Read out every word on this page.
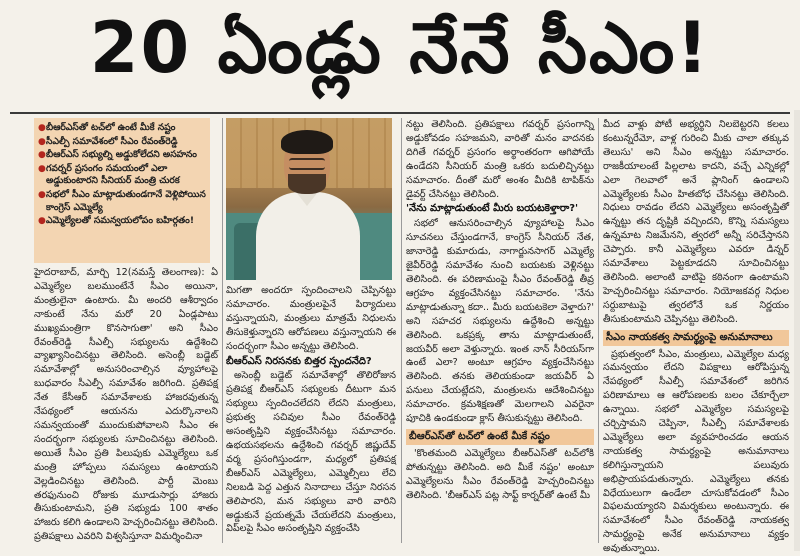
20 ఏండ్లు నేనే సీఎం!
● బీఆర్‌ఎస్‌తో టచ్‌లో ఉంటే మీకే నష్టం
● సీఎల్పీ సమావేశంలో సీఎం రేవంత్‌రెడ్డి
● బీఆర్‌ఎస్ సభ్యుల్ని అడ్డుకోలేదని అసహనం
● గవర్నర్ ప్రసంగం సమయంలో ఎలా అడ్డుకుంటారని సీనియర్ మంత్రి చురక
● సభలో సీఎం మాట్లాడుతుండగానే వెళ్లిపోయిన కాంగ్రెస్ ఎమ్మెల్యే
● ఎమ్మెల్యేలతో సమన్వయలోపం బహిర్గతం!

హైదరాబాద్, మార్చి 12(నమస్తే తెలంగాణ): ఏ ఎమ్మెల్యేల బలముంటేనే సీఎం అయినా, మంత్రులైనా ఉంటారు. మీ అందరి ఆశీర్వాదం నాకుంటే నేను మరో 20 ఏండ్లపాటు ముఖ్యమంత్రిగా కొనసాగుతా' అని సీఎం రేవంత్‌రెడ్డి సీఎల్పీ సభ్యులను ఉద్దేశించి వ్యాఖ్యానించినట్టు తెలిసింది. అసెంబ్లీ బడ్జెట్ సమావేశాల్లో అనుసరించాల్సిన వ్యూహాలపై బుధవారం సీఎల్పీ సమావేశం జరిగింది. ప్రతిపక్ష నేత కేసీఆర్ సమావేశాలకు హాజరవుతున్న నేపథ్యంలో ఆయనను ఎదుర్కొనాలని సమన్వయంతో ముందుకుపోవాలని సీఎం ఈ సందర్భంగా సభ్యులకు సూచించినట్టు తెలిసింది. అయితే సీఎం ప్రతి పిలుపుకు ఎమ్మెల్యేలు ఒక మంత్రి హోప్పలు సమస్యలు ఉంటాయని వెల్లడించినట్టు తెలిసింది. పార్టీ మెంబు తరఫునుంచి రోజుకు మూడుసార్లు హాజరు తీసుకుంటామని, ప్రతి సభ్యుడు 100 శాతం హాజరు కలిగి ఉండాలని హెచ్చరించినట్టు తెలిసింది. ప్రతిపక్షాలు ఎవరిని విశ్వసిస్తూనా విమర్శించినా

మిగతా అందరూ స్పందించాలని చెప్పినట్టు సమాచారం. మంత్రులపైనే పిర్యాదులు వస్తున్నాయని, మంత్రులు మాత్రమే నిధులను తీసుకెళ్తున్నారని ఆరోపణలు వస్తున్నాయని ఈ సందర్భంగా సీఎం అన్నట్టు తెలిసింది.

బీఆర్‌ఎస్ నిరసనకు బిత్తర స్పందనేది?

అసెంబ్లీ బడ్జెట్ సమావేశాల్లో తొలిరోజున ప్రతిపక్ష బీఆర్‌ఎస్ సభ్యులకు దీటుగా మన సభ్యులు స్పందించలేదని లేదని మంత్రులు, ప్రభుత్వ సచివుల సీఎం రేవంత్‌రెడ్డి అసంతృప్తిని వ్యక్తంచేసినట్టు సమాచారం. ఉభయసభలను ఉద్దేశించి గవర్నర్ జిష్ణుదేవ్ వర్మ ప్రసంగిస్తుండగా, మధ్యలో ప్రతిపక్ష బీఆర్‌ఎస్ ఎమ్మెల్యేలు, ఎమ్మెల్సీలు లేచి నిలబడి పెద్ద ఎత్తున నినాదాలు చేస్తూ నిరసన తెలిపారని, మన సభ్యులు వారి వారిని అడ్డుకునే ప్రయత్నమే చేయలేదని మంత్రులు, విప్‌లపై సీఎం అసంతృప్తిని వ్యక్తంచేసి

నట్టు తెలిసింది. ప్రతిపక్షాలు గవర్నర్ ప్రసంగాన్ని అడ్డుకోవడం సహజమని, వారితో మనం వాదనకు దిగితే గవర్నర్ ప్రసంగం అర్థాంతరంగా ఆగిపోయే ఉండేదని సీనియర్ మంత్రి ఒకరు బదులిచ్చినట్టు సమాచారం. దీంతో మరో అంశం మీదికి టాపిక్‌ను డైవర్ట్ చేసినట్టు తెలిసింది.

'నేను మాట్లాడుతుంటే మీరు బయటకెళ్తారా?'

సభలో ఆనుసరించాల్సిన వ్యూహాలపై సీఎం సూచనలు చేస్తుండగానే, కాంగ్రెస్ సీనియర్ నేత, జానారెడ్డి కుమారుడు, నాగార్జునసాగర్ ఎమ్మెల్యే జైవీర్‌రెడ్డి సమావేశం నుంచి బయటకు వెళ్లినట్టు తెలిసింది. ఈ పరిణామంపై సీఎం రేవంత్‌రెడ్డి తీవ్ర ఆగ్రహం వ్యక్తంచేసినట్టు సమాచారం. 'నేను మాట్లాడుతున్నా కదా.. మీరు బయటకెలా వెళ్తారు?' అని సహచర సభ్యులను ఉద్దేశించి అన్నట్టు తెలిసింది. ఒకప్రక్క తాను మాట్లాడుతుంటే, జయవీర్ అలా వెళ్తున్నారు. ఇంత నాన్ సీరియస్‌గా ఉంటే ఎలా? అంటూ ఆగ్రహం వ్యక్తంచేసినట్టు తెలిసింది. తనకు తెలియకుండా జయవీర్ ఏ పనులు చేయట్లేదని, మంత్రులను ఆదేశించినట్టు సమాచారం. క్రమశిక్షణతో మెలగాలని ఎవరైనా పూచికి ఉండకుండా క్లాస్ తీసుకున్నట్టు తెలిసింది.

బీఆర్‌ఎస్‌తో టచ్‌లో ఉంటే మీకే నష్టం

'కొంతమంది ఎమ్మెల్యేలు బీఆర్‌ఎస్‌తో టచ్‌లోకి పోతున్నట్టు తెలిసింది. అది మీకే నష్టం' అంటూ ఎమ్మెల్యేలను సీఎం రేవంత్‌రెడ్డి హెచ్చరించినట్టు తెలిసింది. 'బీఆర్‌ఎస్ పట్ల సాఫ్ట్ కార్నర్‌తో ఉంటే మీ

మీద వాళ్లు పోటీ అభ్యర్థిని నిలబెట్టరని కలలు కంటున్నరేమో, వాళ్ల గురించి మీకు చాలా తక్కువ తెలుసు' అని సీఎం అన్నట్టు సమాచారం. రాజకీయాలంటే పిల్లలాట కాదని, వచ్చే ఎన్నికల్లో ఎలా గెలవాలో అనే ప్లానింగ్ ఉండాలని ఎమ్మెల్యేలకు సీఎం హితబోధ చేసినట్టు తెలిసింది. నిధులు రావడం లేదని ఎమ్మెల్యేలు అసంతృప్తితో ఉన్నట్టు తన దృష్టికి వచ్చిందని, కొన్ని సమస్యలు ఉన్నమాట నిజమేనని, త్వరలో అన్నీ సరిచేస్తానని చెప్పారు. కానీ ఎమ్మెల్యేలు ఎవరూ డిన్నర్ సమావేశాలు పెట్టకూడదని సూచించినట్టు తెలిసింది. అలాంటి వాటిపై కఠినంగా ఉంటామని హెచ్చరించినట్టు సమాచారం. నియోజకవర్గ నిధుల సర్దుబాటుపై త్వరలోనే ఒక నిర్ణయం తీసుకుంటామని చెప్పినట్టు తెలిసింది.

సీఎం నాయకత్వ సామర్థ్యంపై అనుమానాలు

ప్రభుత్వంలో సీఎం, మంత్రులు, ఎమ్మెల్యేల మధ్య సమన్వయం లేదని విపక్షాలు ఆరోపిస్తున్న నేపథ్యంలో సీఎల్పీ సమావేశంలో జరిగిన పరిణామాలు ఆ ఆరోపణలకు బలం చేకూర్చేలా ఉన్నాయి. సభలో ఎమ్మెల్యేల సమస్యలపై చర్చిస్తామని చెప్పినా, సీఎల్పీ సమావేశాలకు ఎమ్మెల్యేలు అలా వ్యవహరించడం ఆయన నాయకత్వ సామర్థ్యంపై అనుమానాలు కలిగిస్తున్నాయని పలువురు అభిప్రాయపడుతున్నారు. ఎమ్మెల్యేలు తనకు విధేయులుగా ఉండేలా చూసుకోవడంలో సీఎం విఫలమయ్యారని విమర్శకులు అంటున్నారు. ఈ సమావేశంలో సీఎం రేవంత్‌రెడ్డి నాయకత్వ సామర్థ్యంపై అనేక అనుమానాలు వ్యక్తం అవుతున్నాయి.
